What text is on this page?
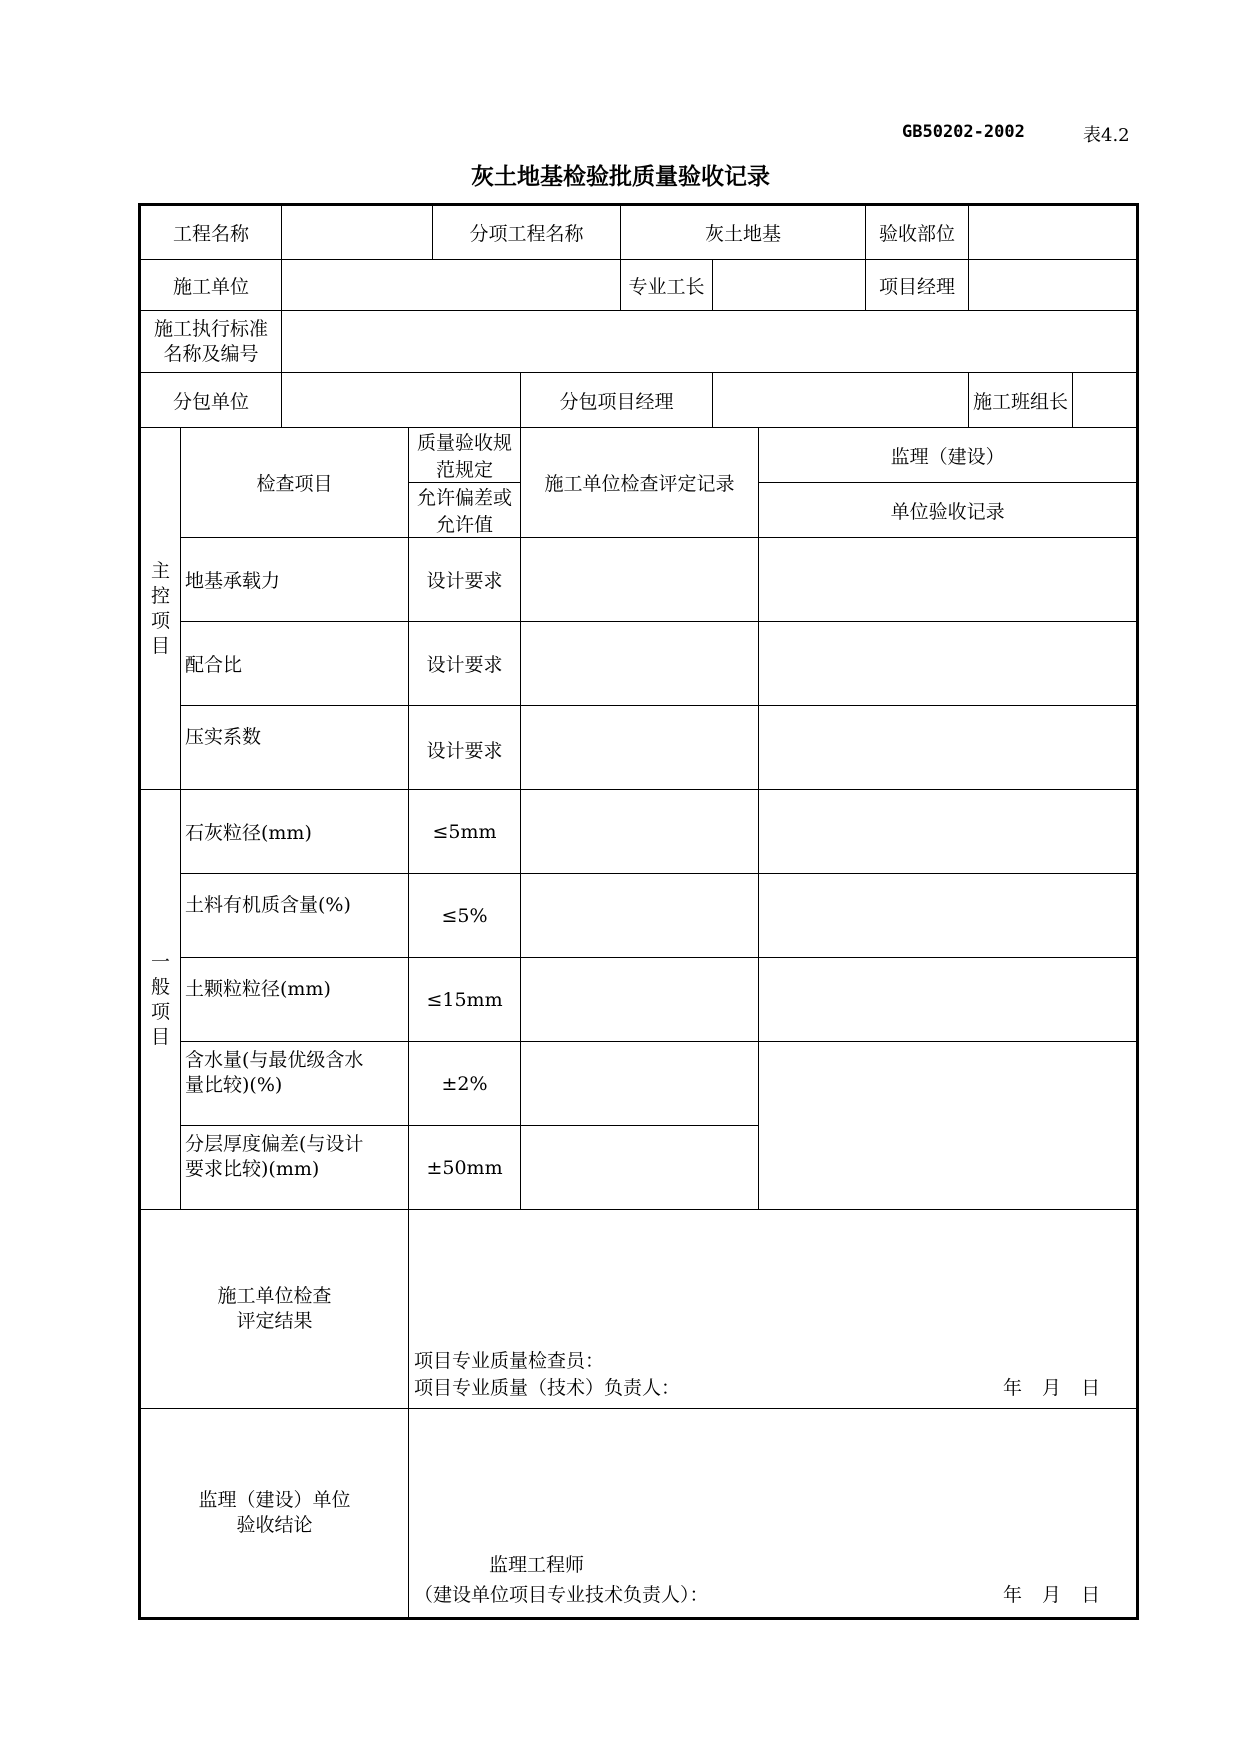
GB50202-2002	表4.2
灰土地基检验批质量验收记录
工程名称				分项工程名称		灰土地基			验收部位		
施工单位						专业工长			项目经理		

施工执行标准
名称及编号											

分包单位					分包项目经理					施工班组长	

主
控
项
目	检查项目		质量验收规范规定		施工单位检查评定记录			监理（建设）			
			允许偏差或允许值					单位验收记录			
	地基承载力		设计要求								
	配合比		设计要求								
	压实系数		设计要求								

一
般
项
目	石灰粒径(mm)		≤5mm								
	土料有机质含量(%)		≤5%								
	土颗粒粒径(mm)		≤15mm								

	含水量(与最优级含水
量比较)(%)		±2%								

	分层厚度偏差(与设计
要求比较)(mm)		±50mm								

施工单位检查
评定结果			项目专业质量检查员：
项目专业质量（技术）负责人： 年 月 日								

监理（建设）单位
验收结论			监理工程师
（建设单位项目专业技术负责人）： 年 月 日								
